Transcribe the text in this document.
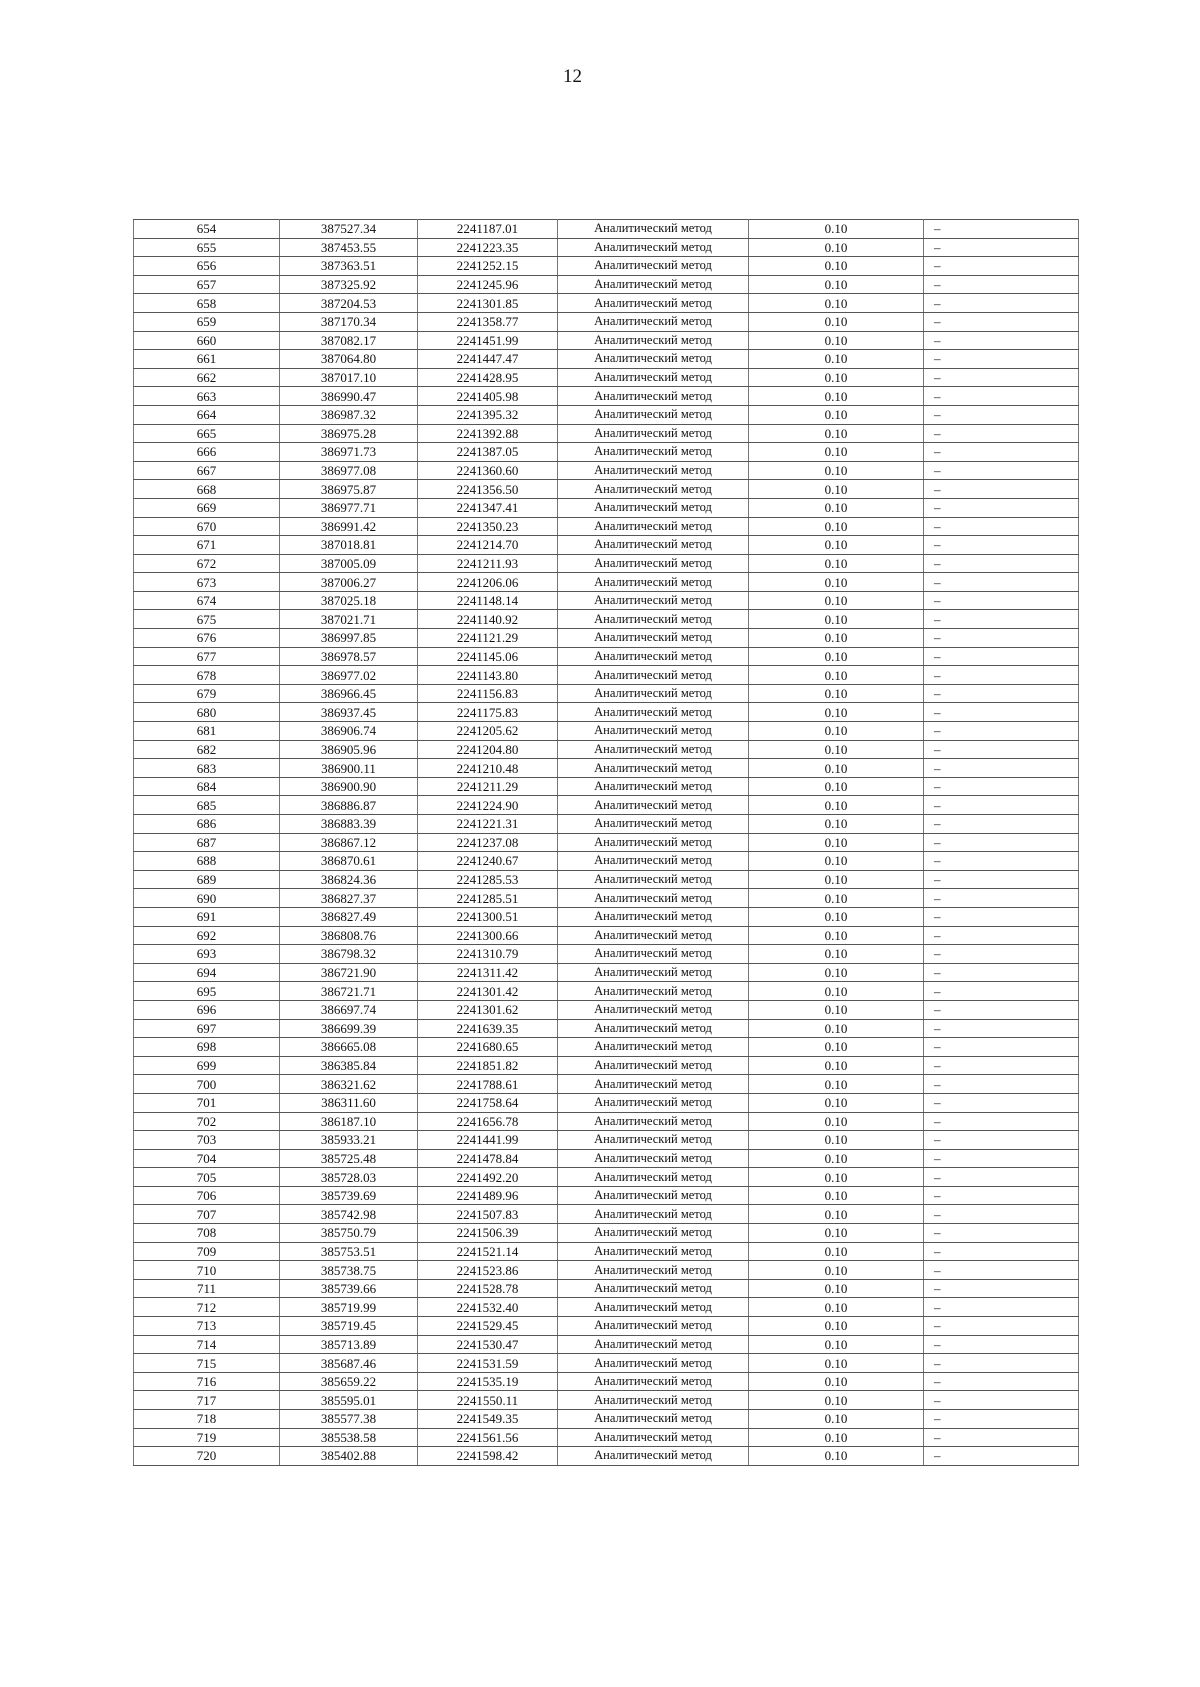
12
654	387527.34	2241187.01	Аналитический метод	0.10	–
655	387453.55	2241223.35	Аналитический метод	0.10	–
656	387363.51	2241252.15	Аналитический метод	0.10	–
657	387325.92	2241245.96	Аналитический метод	0.10	–
658	387204.53	2241301.85	Аналитический метод	0.10	–
659	387170.34	2241358.77	Аналитический метод	0.10	–
660	387082.17	2241451.99	Аналитический метод	0.10	–
661	387064.80	2241447.47	Аналитический метод	0.10	–
662	387017.10	2241428.95	Аналитический метод	0.10	–
663	386990.47	2241405.98	Аналитический метод	0.10	–
664	386987.32	2241395.32	Аналитический метод	0.10	–
665	386975.28	2241392.88	Аналитический метод	0.10	–
666	386971.73	2241387.05	Аналитический метод	0.10	–
667	386977.08	2241360.60	Аналитический метод	0.10	–
668	386975.87	2241356.50	Аналитический метод	0.10	–
669	386977.71	2241347.41	Аналитический метод	0.10	–
670	386991.42	2241350.23	Аналитический метод	0.10	–
671	387018.81	2241214.70	Аналитический метод	0.10	–
672	387005.09	2241211.93	Аналитический метод	0.10	–
673	387006.27	2241206.06	Аналитический метод	0.10	–
674	387025.18	2241148.14	Аналитический метод	0.10	–
675	387021.71	2241140.92	Аналитический метод	0.10	–
676	386997.85	2241121.29	Аналитический метод	0.10	–
677	386978.57	2241145.06	Аналитический метод	0.10	–
678	386977.02	2241143.80	Аналитический метод	0.10	–
679	386966.45	2241156.83	Аналитический метод	0.10	–
680	386937.45	2241175.83	Аналитический метод	0.10	–
681	386906.74	2241205.62	Аналитический метод	0.10	–
682	386905.96	2241204.80	Аналитический метод	0.10	–
683	386900.11	2241210.48	Аналитический метод	0.10	–
684	386900.90	2241211.29	Аналитический метод	0.10	–
685	386886.87	2241224.90	Аналитический метод	0.10	–
686	386883.39	2241221.31	Аналитический метод	0.10	–
687	386867.12	2241237.08	Аналитический метод	0.10	–
688	386870.61	2241240.67	Аналитический метод	0.10	–
689	386824.36	2241285.53	Аналитический метод	0.10	–
690	386827.37	2241285.51	Аналитический метод	0.10	–
691	386827.49	2241300.51	Аналитический метод	0.10	–
692	386808.76	2241300.66	Аналитический метод	0.10	–
693	386798.32	2241310.79	Аналитический метод	0.10	–
694	386721.90	2241311.42	Аналитический метод	0.10	–
695	386721.71	2241301.42	Аналитический метод	0.10	–
696	386697.74	2241301.62	Аналитический метод	0.10	–
697	386699.39	2241639.35	Аналитический метод	0.10	–
698	386665.08	2241680.65	Аналитический метод	0.10	–
699	386385.84	2241851.82	Аналитический метод	0.10	–
700	386321.62	2241788.61	Аналитический метод	0.10	–
701	386311.60	2241758.64	Аналитический метод	0.10	–
702	386187.10	2241656.78	Аналитический метод	0.10	–
703	385933.21	2241441.99	Аналитический метод	0.10	–
704	385725.48	2241478.84	Аналитический метод	0.10	–
705	385728.03	2241492.20	Аналитический метод	0.10	–
706	385739.69	2241489.96	Аналитический метод	0.10	–
707	385742.98	2241507.83	Аналитический метод	0.10	–
708	385750.79	2241506.39	Аналитический метод	0.10	–
709	385753.51	2241521.14	Аналитический метод	0.10	–
710	385738.75	2241523.86	Аналитический метод	0.10	–
711	385739.66	2241528.78	Аналитический метод	0.10	–
712	385719.99	2241532.40	Аналитический метод	0.10	–
713	385719.45	2241529.45	Аналитический метод	0.10	–
714	385713.89	2241530.47	Аналитический метод	0.10	–
715	385687.46	2241531.59	Аналитический метод	0.10	–
716	385659.22	2241535.19	Аналитический метод	0.10	–
717	385595.01	2241550.11	Аналитический метод	0.10	–
718	385577.38	2241549.35	Аналитический метод	0.10	–
719	385538.58	2241561.56	Аналитический метод	0.10	–
720	385402.88	2241598.42	Аналитический метод	0.10	–
